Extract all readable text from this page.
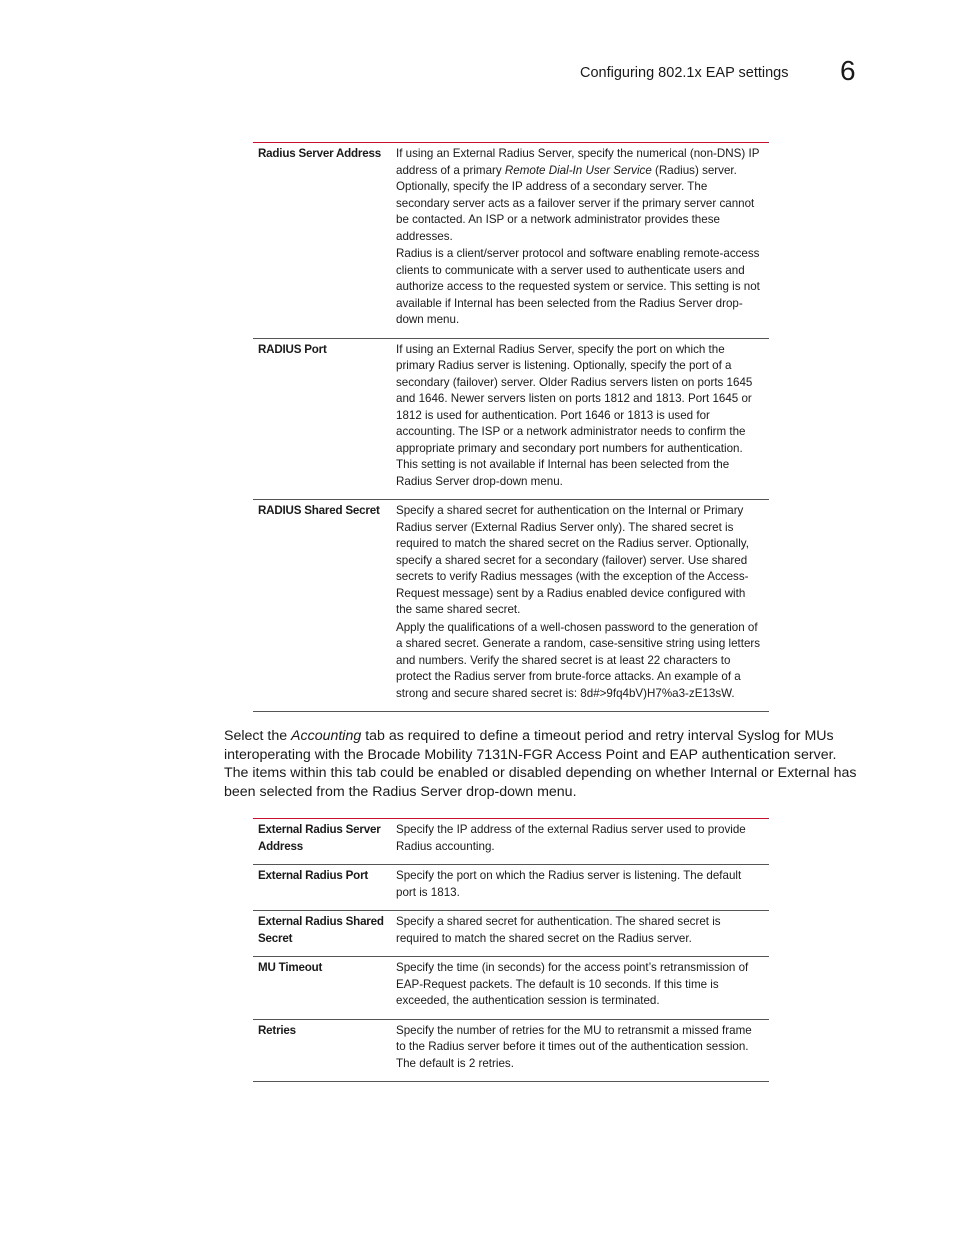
Configuring 802.1x EAP settings 6
Radius Server Address	If using an External Radius Server, specify the numerical (non-DNS) IP address of a primary Remote Dial-In User Service (Radius) server. Optionally, specify the IP address of a secondary server. The secondary server acts as a failover server if the primary server cannot be contacted. An ISP or a network administrator provides these addresses.

Radius is a client/server protocol and software enabling remote-access clients to communicate with a server used to authenticate users and authorize access to the requested system or service. This setting is not available if Internal has been selected from the Radius Server drop-down menu.

RADIUS Port	If using an External Radius Server, specify the port on which the primary Radius server is listening. Optionally, specify the port of a secondary (failover) server. Older Radius servers listen on ports 1645 and 1646. Newer servers listen on ports 1812 and 1813. Port 1645 or 1812 is used for authentication. Port 1646 or 1813 is used for accounting. The ISP or a network administrator needs to confirm the appropriate primary and secondary port numbers for authentication. This setting is not available if Internal has been selected from the Radius Server drop-down menu.

RADIUS Shared Secret	Specify a shared secret for authentication on the Internal or Primary Radius server (External Radius Server only). The shared secret is required to match the shared secret on the Radius server. Optionally, specify a shared secret for a secondary (failover) server. Use shared secrets to verify Radius messages (with the exception of the Access-Request message) sent by a Radius enabled device configured with the same shared secret.

Apply the qualifications of a well-chosen password to the generation of a shared secret. Generate a random, case-sensitive string using letters and numbers. Verify the shared secret is at least 22 characters to protect the Radius server from brute-force attacks. An example of a strong and secure shared secret is: 8d#>9fq4bV)H7%a3-zE13sW.

Select the Accounting tab as required to define a timeout period and retry interval Syslog for MUs interoperating with the Brocade Mobility 7131N-FGR Access Point and EAP authentication server. The items within this tab could be enabled or disabled depending on whether Internal or External has been selected from the Radius Server drop-down menu.

External Radius Server Address	Specify the IP address of the external Radius server used to provide Radius accounting.

External Radius Port	Specify the port on which the Radius server is listening. The default port is 1813.

External Radius Shared Secret	Specify a shared secret for authentication. The shared secret is required to match the shared secret on the Radius server.

MU Timeout	Specify the time (in seconds) for the access point’s retransmission of EAP-Request packets. The default is 10 seconds. If this time is exceeded, the authentication session is terminated.

Retries	Specify the number of retries for the MU to retransmit a missed frame to the Radius server before it times out of the authentication session. The default is 2 retries.
